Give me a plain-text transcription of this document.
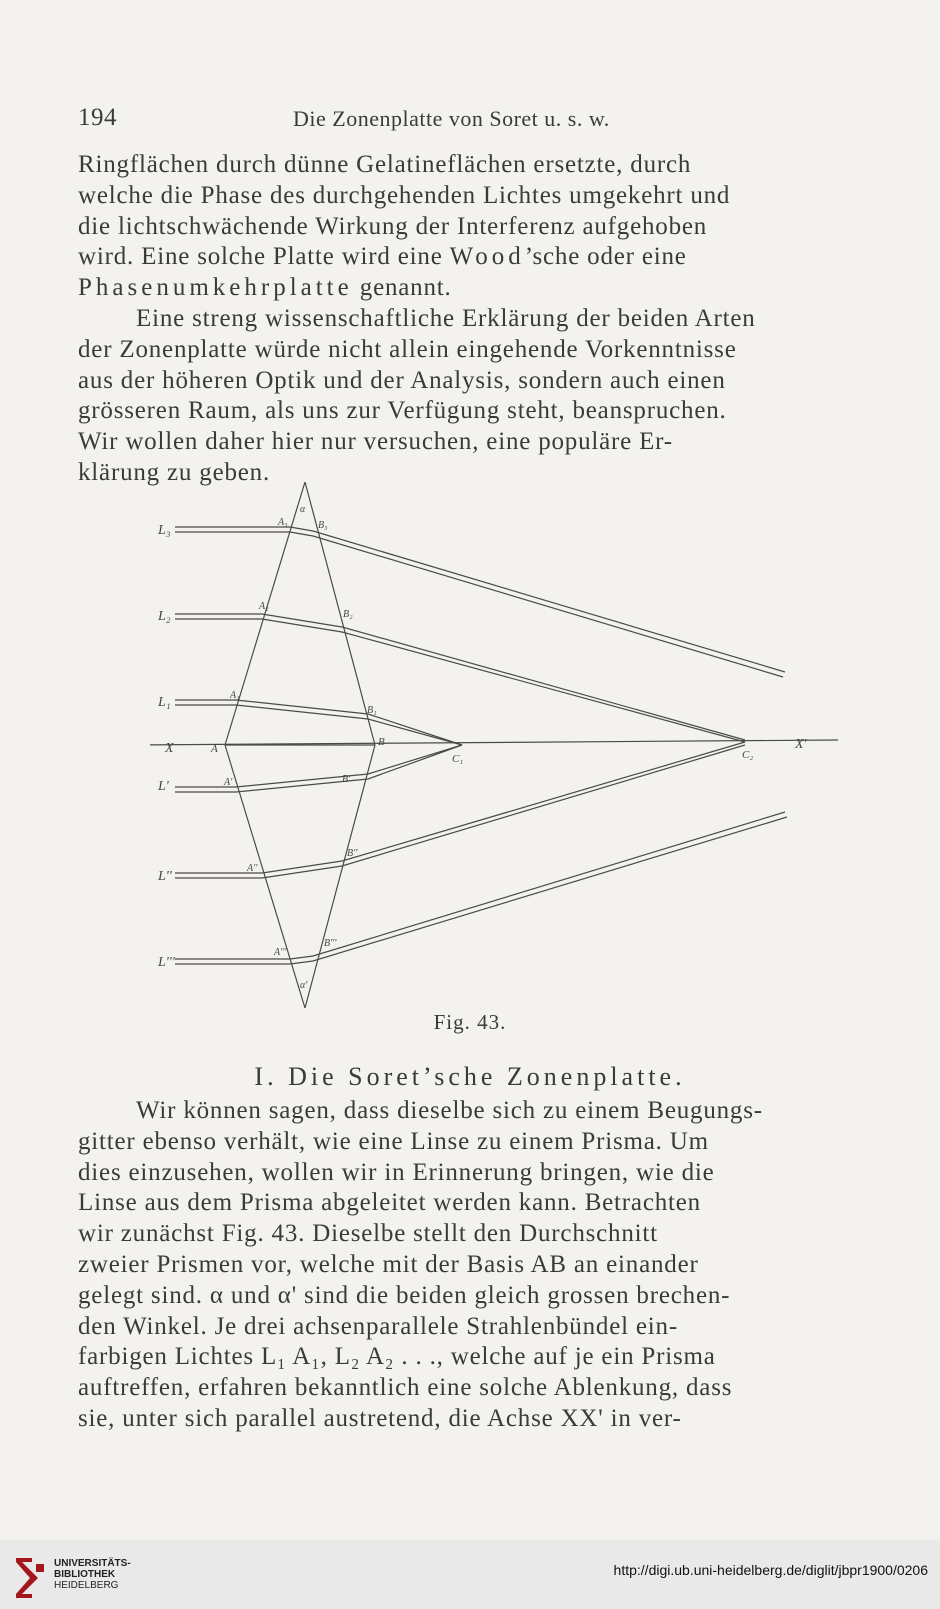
194	Die Zonenplatte von Soret u. s. w.
Ringflächen durch dünne Gelatineflächen ersetzte, durch
welche die Phase des durchgehenden Lichtes umgekehrt und
die lichtschwächende Wirkung der Interferenz aufgehoben
wird. Eine solche Platte wird eine Wood’sche oder eine
Phasenumkehrplatte genannt.
Eine streng wissenschaftliche Erklärung der beiden Arten
der Zonenplatte würde nicht allein eingehende Vorkenntnisse
aus der höheren Optik und der Analysis, sondern auch einen
grösseren Raum, als uns zur Verfügung steht, beanspruchen.
Wir wollen daher hier nur versuchen, eine populäre Er-
klärung zu geben.
L₃
L₂
L₁
L'
L''
L'''
X	X'
C₁	C₂
A
B
A₃	B₃
A₂
B₂
A₁
B₁
A'	B'
A''
B''
A'''
B'''
α
α'
Fig. 43.
I. Die Soret’sche Zonenplatte.
Wir können sagen, dass dieselbe sich zu einem Beugungs-
gitter ebenso verhält, wie eine Linse zu einem Prisma. Um
dies einzusehen, wollen wir in Erinnerung bringen, wie die
Linse aus dem Prisma abgeleitet werden kann. Betrachten
wir zunächst Fig. 43. Dieselbe stellt den Durchschnitt
zweier Prismen vor, welche mit der Basis AB an einander
gelegt sind. α und α' sind die beiden gleich grossen brechen-
den Winkel. Je drei achsenparallele Strahlenbündel ein-
farbigen Lichtes L₁ A₁, L₂ A₂ . . ., welche auf je ein Prisma
auftreffen, erfahren bekanntlich eine solche Ablenkung, dass
sie, unter sich parallel austretend, die Achse XX' in ver-
UNIVERSITÄTS-
BIBLIOTHEK
HEIDELBERG
http://digi.ub.uni-heidelberg.de/diglit/jbpr1900/0206
